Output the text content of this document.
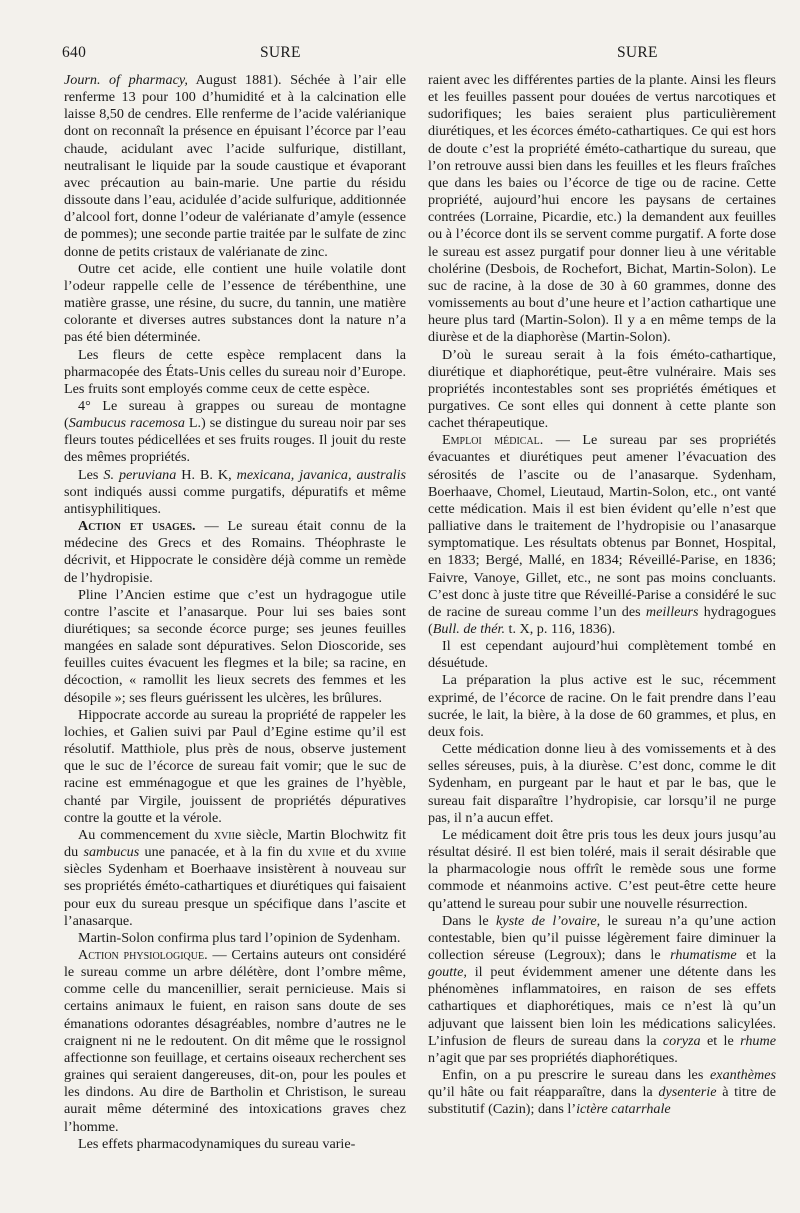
640	SURE	SURE

Journ. of pharmacy, August 1881). Séchée à l’air elle renferme 13 pour 100 d’humidité et à la calcination elle laisse 8,50 de cendres. Elle renferme de l’acide valérianique dont on reconnaît la présence en épuisant l’écorce par l’eau chaude, acidulant avec l’acide sulfurique, distillant, neutralisant le liquide par la soude caustique et évaporant avec précaution au bain-marie. Une partie du résidu dissoute dans l’eau, acidulée d’acide sulfurique, additionnée d’alcool fort, donne l’odeur de valérianate d’amyle (essence de pommes); une seconde partie traitée par le sulfate de zinc donne de petits cristaux de valérianate de zinc.

Outre cet acide, elle contient une huile volatile dont l’odeur rappelle celle de l’essence de térébenthine, une matière grasse, une résine, du sucre, du tannin, une matière colorante et diverses autres substances dont la nature n’a pas été bien déterminée.

Les fleurs de cette espèce remplacent dans la pharmacopée des États-Unis celles du sureau noir d’Europe. Les fruits sont employés comme ceux de cette espèce.

4° Le sureau à grappes ou sureau de montagne (Sambucus racemosa L.) se distingue du sureau noir par ses fleurs toutes pédicellées et ses fruits rouges. Il jouit du reste des mêmes propriétés.

Les S. peruviana H. B. K, mexicana, javanica, australis sont indiqués aussi comme purgatifs, dépuratifs et même antisyphilitiques.

Action et usages. — Le sureau était connu de la médecine des Grecs et des Romains. Théophraste le décrivit, et Hippocrate le considère déjà comme un remède de l’hydropisie.

Pline l’Ancien estime que c’est un hydragogue utile contre l’ascite et l’anasarque. Pour lui ses baies sont diurétiques; sa seconde écorce purge; ses jeunes feuilles mangées en salade sont dépuratives. Selon Dioscoride, ses feuilles cuites évacuent les flegmes et la bile; sa racine, en décoction, « ramollit les lieux secrets des femmes et les désopile »; ses fleurs guérissent les ulcères, les brûlures.

Hippocrate accorde au sureau la propriété de rappeler les lochies, et Galien suivi par Paul d’Egine estime qu’il est résolutif. Matthiole, plus près de nous, observe justement que le suc de l’écorce de sureau fait vomir; que le suc de racine est emménagogue et que les graines de l’hyèble, chanté par Virgile, jouissent de propriétés dépuratives contre la goutte et la vérole.

Au commencement du xviie siècle, Martin Blochwitz fit du sambucus une panacée, et à la fin du xviie et du xviiie siècles Sydenham et Boerhaave insistèrent à nouveau sur ses propriétés éméto-cathartiques et diurétiques qui faisaient pour eux du sureau presque un spécifique dans l’ascite et l’anasarque.

Martin-Solon confirma plus tard l’opinion de Sydenham.

Action physiologique. — Certains auteurs ont considéré le sureau comme un arbre délétère, dont l’ombre même, comme celle du mancenillier, serait pernicieuse. Mais si certains animaux le fuient, en raison sans doute de ses émanations odorantes désagréables, nombre d’autres ne le craignent ni ne le redoutent. On dit même que le rossignol affectionne son feuillage, et certains oiseaux recherchent ses graines qui seraient dangereuses, dit-on, pour les poules et les dindons. Au dire de Bartholin et Christison, le sureau aurait même déterminé des intoxications graves chez l’homme.

Les effets pharmacodynamiques du sureau varie-

raient avec les différentes parties de la plante. Ainsi les fleurs et les feuilles passent pour douées de vertus narcotiques et sudorifiques; les baies seraient plus particulièrement diurétiques, et les écorces éméto-cathartiques. Ce qui est hors de doute c’est la propriété éméto-cathartique du sureau, que l’on retrouve aussi bien dans les feuilles et les fleurs fraîches que dans les baies ou l’écorce de tige ou de racine. Cette propriété, aujourd’hui encore les paysans de certaines contrées (Lorraine, Picardie, etc.) la demandent aux feuilles ou à l’écorce dont ils se servent comme purgatif. A forte dose le sureau est assez purgatif pour donner lieu à une véritable cholérine (Desbois, de Rochefort, Bichat, Martin-Solon). Le suc de racine, à la dose de 30 à 60 grammes, donne des vomissements au bout d’une heure et l’action cathartique une heure plus tard (Martin-Solon). Il y a en même temps de la diurèse et de la diaphorèse (Martin-Solon).

D’où le sureau serait à la fois éméto-cathartique, diurétique et diaphorétique, peut-être vulnéraire. Mais ses propriétés incontestables sont ses propriétés émétiques et purgatives. Ce sont elles qui donnent à cette plante son cachet thérapeutique.

Emploi médical. — Le sureau par ses propriétés évacuantes et diurétiques peut amener l’évacuation des sérosités de l’ascite ou de l’anasarque. Sydenham, Boerhaave, Chomel, Lieutaud, Martin-Solon, etc., ont vanté cette médication. Mais il est bien évident qu’elle n’est que palliative dans le traitement de l’hydropisie ou l’anasarque symptomatique. Les résultats obtenus par Bonnet, Hospital, en 1833; Bergé, Mallé, en 1834; Réveillé-Parise, en 1836; Faivre, Vanoye, Gillet, etc., ne sont pas moins concluants. C’est donc à juste titre que Réveillé-Parise a considéré le suc de racine de sureau comme l’un des meilleurs hydragogues (Bull. de thér. t. X, p. 116, 1836).

Il est cependant aujourd’hui complètement tombé en désuétude.

La préparation la plus active est le suc, récemment exprimé, de l’écorce de racine. On le fait prendre dans l’eau sucrée, le lait, la bière, à la dose de 60 grammes, et plus, en deux fois.

Cette médication donne lieu à des vomissements et à des selles séreuses, puis, à la diurèse. C’est donc, comme le dit Sydenham, en purgeant par le haut et par le bas, que le sureau fait disparaître l’hydropisie, car lorsqu’il ne purge pas, il n’a aucun effet.

Le médicament doit être pris tous les deux jours jusqu’au résultat désiré. Il est bien toléré, mais il serait désirable que la pharmacologie nous offrît le remède sous une forme commode et néanmoins active. C’est peut-être cette heure qu’attend le sureau pour subir une nouvelle résurrection.

Dans le kyste de l’ovaire, le sureau n’a qu’une action contestable, bien qu’il puisse légèrement faire diminuer la collection séreuse (Legroux); dans le rhumatisme et la goutte, il peut évidemment amener une détente dans les phénomènes inflammatoires, en raison de ses effets cathartiques et diaphorétiques, mais ce n’est là qu’un adjuvant que laissent bien loin les médications salicylées. L’infusion de fleurs de sureau dans la coryza et le rhume n’agit que par ses propriétés diaphorétiques.

Enfin, on a pu prescrire le sureau dans les exanthèmes qu’il hâte ou fait réapparaître, dans la dysenterie à titre de substitutif (Cazin); dans l’ictère catarrhale
